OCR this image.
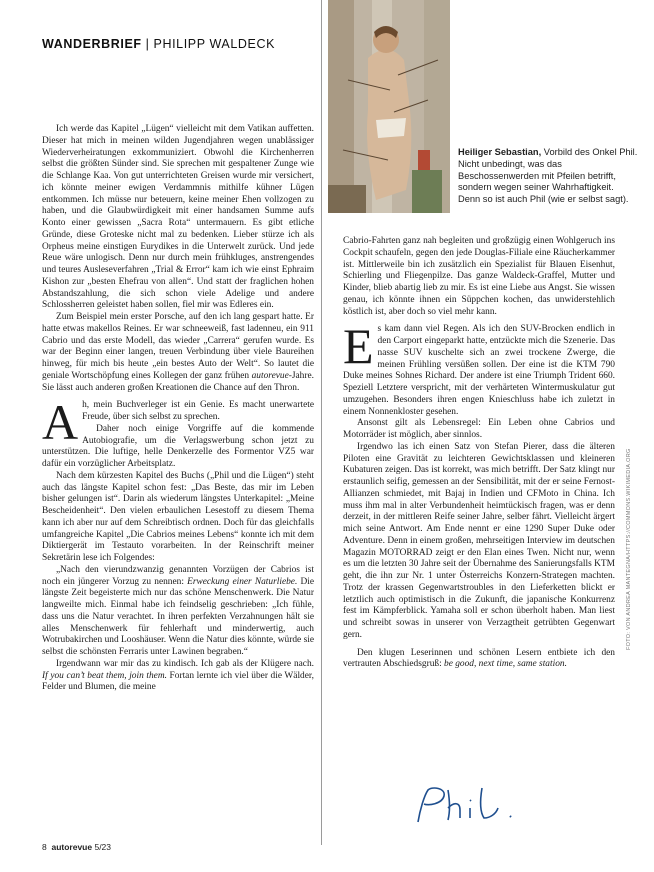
WANDERBRIEF | PHILIPP WALDECK
Heiliger Sebastian, Vorbild des Onkel Phil. Nicht unbedingt, was das Beschossenwerden mit Pfeilen betrifft, sondern wegen seiner Wahrhaftigkeit. Denn so ist auch Phil (wie er selbst sagt).

Ich werde das Kapitel „Lügen“ vielleicht mit dem Vatikan auffetten. Dieser hat mich in meinen wilden Jugendjahren wegen unablässiger Wiederverheiratungen exkommuniziert. Obwohl die Kirchenherren selbst die größten Sünder sind. Sie sprechen mit gespaltener Zunge wie die Schlange Kaa. Von gut unterrichteten Greisen wurde mir versichert, ich könnte meiner ewigen Verdammnis mithilfe kühner Lügen entkommen. Ich müsse nur beteuern, keine meiner Ehen vollzogen zu haben, und die Glaubwürdigkeit mit einer handsamen Summe aufs Konto einer gewissen „Sacra Rota“ untermauern. Es gibt etliche Gründe, diese Groteske nicht mal zu bedenken. Lieber stürze ich als Orpheus meine einstigen Eurydikes in die Unterwelt zurück. Und jede Reue wäre unlogisch. Denn nur durch mein frühkluges, anstrengendes und teures Ausleseverfahren „Trial & Error“ kam ich wie einst Ephraim Kishon zur „besten Ehefrau von allen“. Und statt der fraglichen hohen Abstandszahlung, die sich schon viele Adelige und andere Schlossherren geleistet haben sollen, fiel mir was Edleres ein.

Zum Beispiel mein erster Porsche, auf den ich lang gespart hatte. Er hatte etwas makellos Reines. Er war schneeweiß, fast ladenneu, ein 911 Cabrio und das erste Modell, das wieder „Carrera“ gerufen wurde. Es war der Beginn einer langen, treuen Verbindung über viele Baureihen hinweg, für mich bis heute „ein bestes Auto der Welt“. So lautet die geniale Wortschöpfung eines Kollegen der ganz frühen autorevue-Jahre. Sie lässt auch anderen großen Kreationen die Chance auf den Thron.

Ah, mein Buchverleger ist ein Genie. Es macht unerwartete Freude, über sich selbst zu sprechen.

Daher noch einige Vorgriffe auf die kommende Autobiografie, um die Verlagswerbung schon jetzt zu unterstützen. Die luftige, helle Denkerzelle des Formentor VZ5 war dafür ein vorzüglicher Arbeitsplatz.

Nach dem kürzesten Kapitel des Buchs („Phil und die Lügen“) steht auch das längste Kapitel schon fest: „Das Beste, das mir im Leben bisher gelungen ist“. Darin als wiederum längstes Unterkapitel: „Meine Bescheidenheit“. Den vielen erbaulichen Lesestoff zu diesem Thema kann ich aber nur auf dem Schreibtisch ordnen. Doch für das gleichfalls umfangreiche Kapitel „Die Cabrios meines Lebens“ konnte ich mit dem Diktiergerät im Testauto vorarbeiten. In der Reinschrift meiner Sekretärin lese ich Folgendes:

„Nach den vierundzwanzig genannten Vorzügen der Cabrios ist noch ein jüngerer Vorzug zu nennen: Erweckung einer Naturliebe. Die längste Zeit begeisterte mich nur das schöne Menschenwerk. Die Natur langweilte mich. Einmal habe ich feindselig geschrieben: „Ich fühle, dass uns die Natur verachtet. In ihren perfekten Verzahnungen hält sie alles Menschenwerk für fehlerhaft und minderwertig, auch Wotrubakirchen und Looshäuser. Wenn die Natur dies könnte, würde sie selbst die schönsten Ferraris unter Lawinen begraben.“

Irgendwann war mir das zu kindisch. Ich gab als der Klügere nach. If you can’t beat them, join them. Fortan lernte ich viel über die Wälder, Felder und Blumen, die meine

Cabrio-Fahrten ganz nah begleiten und großzügig einen Wohlgeruch ins Cockpit schaufeln, gegen den jede Douglas-Filiale eine Räucherkammer ist. Mittlerweile bin ich zusätzlich ein Spezialist für Blauen Eisenhut, Schierling und Fliegenpilze. Das ganze Waldeck-Graffel, Mutter und Kinder, blieb abartig lieb zu mir. Es ist eine Liebe aus Angst. Sie wissen genau, ich könnte ihnen ein Süppchen kochen, das unwiderstehlich köstlich ist, aber doch so viel mehr kann.

Es kam dann viel Regen. Als ich den SUV-Brocken endlich in den Carport eingeparkt hatte, entzückte mich die Szenerie. Das nasse SUV kuschelte sich an zwei trockene Zwerge, die meinen Frühling versüßen sollen. Der eine ist die KTM 790 Duke meines Sohnes Richard. Der andere ist eine Triumph Trident 660. Speziell Letztere verspricht, mit der verhärteten Wintermuskulatur gut umzugehen. Besonders ihren engen Knieschluss habe ich zuletzt in einem Nonnenkloster gesehen.

Ansonst gilt als Lebensregel: Ein Leben ohne Cabrios und Motorräder ist möglich, aber sinnlos.

Irgendwo las ich einen Satz von Stefan Pierer, dass die älteren Piloten eine Gravität zu leichteren Gewichtsklassen und kleineren Kubaturen zeigen. Das ist korrekt, was mich betrifft. Der Satz klingt nur erstaunlich seifig, gemessen an der Sensibilität, mit der er seine Fernost-Allianzen schmiedet, mit Bajaj in Indien und CFMoto in China. Ich muss ihm mal in alter Verbundenheit heimtückisch fragen, was er denn derzeit, in der mittleren Reife seiner Jahre, selber fährt. Vielleicht ärgert mich seine Antwort. Am Ende nennt er eine 1290 Super Duke oder Adventure. Denn in einem großen, mehrseitigen Interview im deutschen Magazin MOTORRAD zeigt er den Elan eines Twen. Nicht nur, wenn es um die letzten 30 Jahre seit der Übernahme des Sanierungsfalls KTM geht, die ihn zur Nr. 1 unter Österreichs Konzern-Strategen machten. Trotz der krassen Gegenwartstroubles in den Lieferketten blickt er letztlich auch optimistisch in die Zukunft, die japanische Konkurrenz fest im Kämpferblick. Yamaha soll er schon überholt haben. Man liest und schreibt sowas in unserer von Verzagtheit getrübten Gegenwart gern.

Den klugen Leserinnen und schönen Lesern entbiete ich den vertrauten Abschiedsgruß: be good, next time, same station.

FOTO: VON ANDREA MANTEGNA/HTTPS://COMMONS.WIKIMEDIA.ORG
8 autorevue 5/23
